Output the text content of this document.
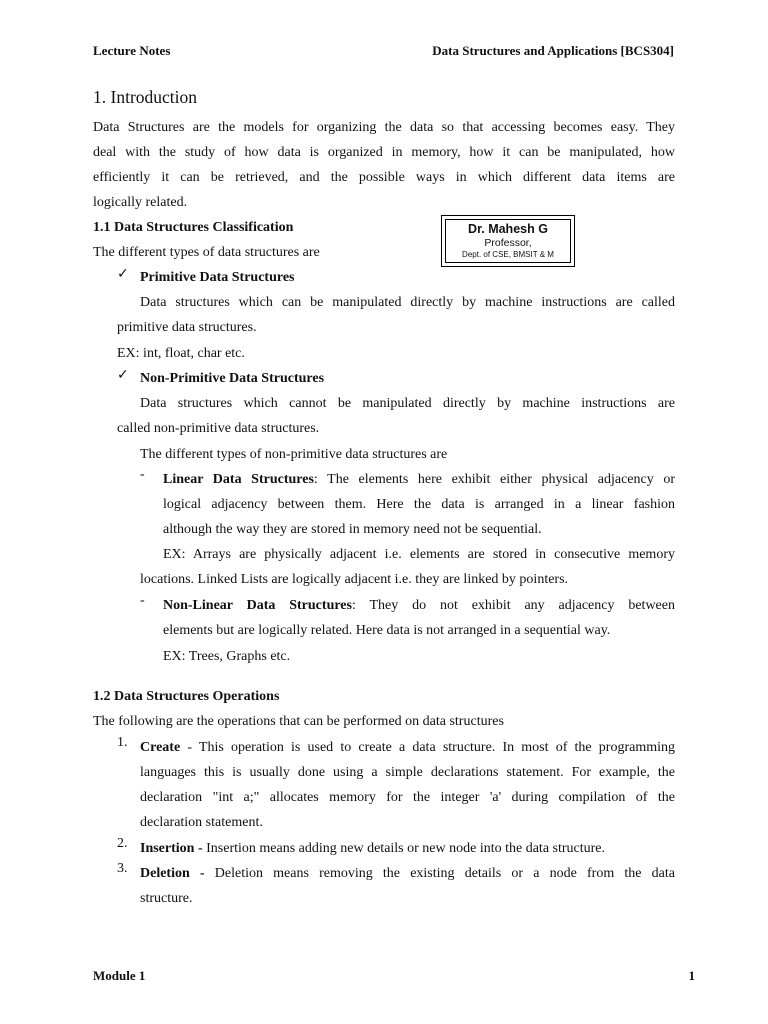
Lecture Notes	Data Structures and Applications [BCS304]
1. Introduction
Data Structures are the models for organizing the data so that accessing becomes easy. They
deal with the study of how data is organized in memory, how it can be manipulated, how
efficiently it can be retrieved, and the possible ways in which different data items are
logically related.
Dr. Mahesh G
Professor,
Dept. of CSE, BMSIT & M
1.1 Data Structures Classification
The different types of data structures are
✓ Primitive Data Structures
Data structures which can be manipulated directly by machine instructions are called
primitive data structures.
EX: int, float, char etc.
✓ Non-Primitive Data Structures
Data structures which cannot be manipulated directly by machine instructions are
called non-primitive data structures.
The different types of non-primitive data structures are
- Linear Data Structures: The elements here exhibit either physical adjacency or
logical adjacency between them. Here the data is arranged in a linear fashion
although the way they are stored in memory need not be sequential.
EX: Arrays are physically adjacent i.e. elements are stored in consecutive memory
locations. Linked Lists are logically adjacent i.e. they are linked by pointers.
- Non-Linear Data Structures: They do not exhibit any adjacency between
elements but are logically related. Here data is not arranged in a sequential way.
EX: Trees, Graphs etc.
1.2 Data Structures Operations
The following are the operations that can be performed on data structures
1. Create - This operation is used to create a data structure. In most of the programming
languages this is usually done using a simple declarations statement. For example, the
declaration "int a;" allocates memory for the integer 'a' during compilation of the
declaration statement.
2. Insertion - Insertion means adding new details or new node into the data structure.
3. Deletion - Deletion means removing the existing details or a node from the data
structure.
Module 1	1
